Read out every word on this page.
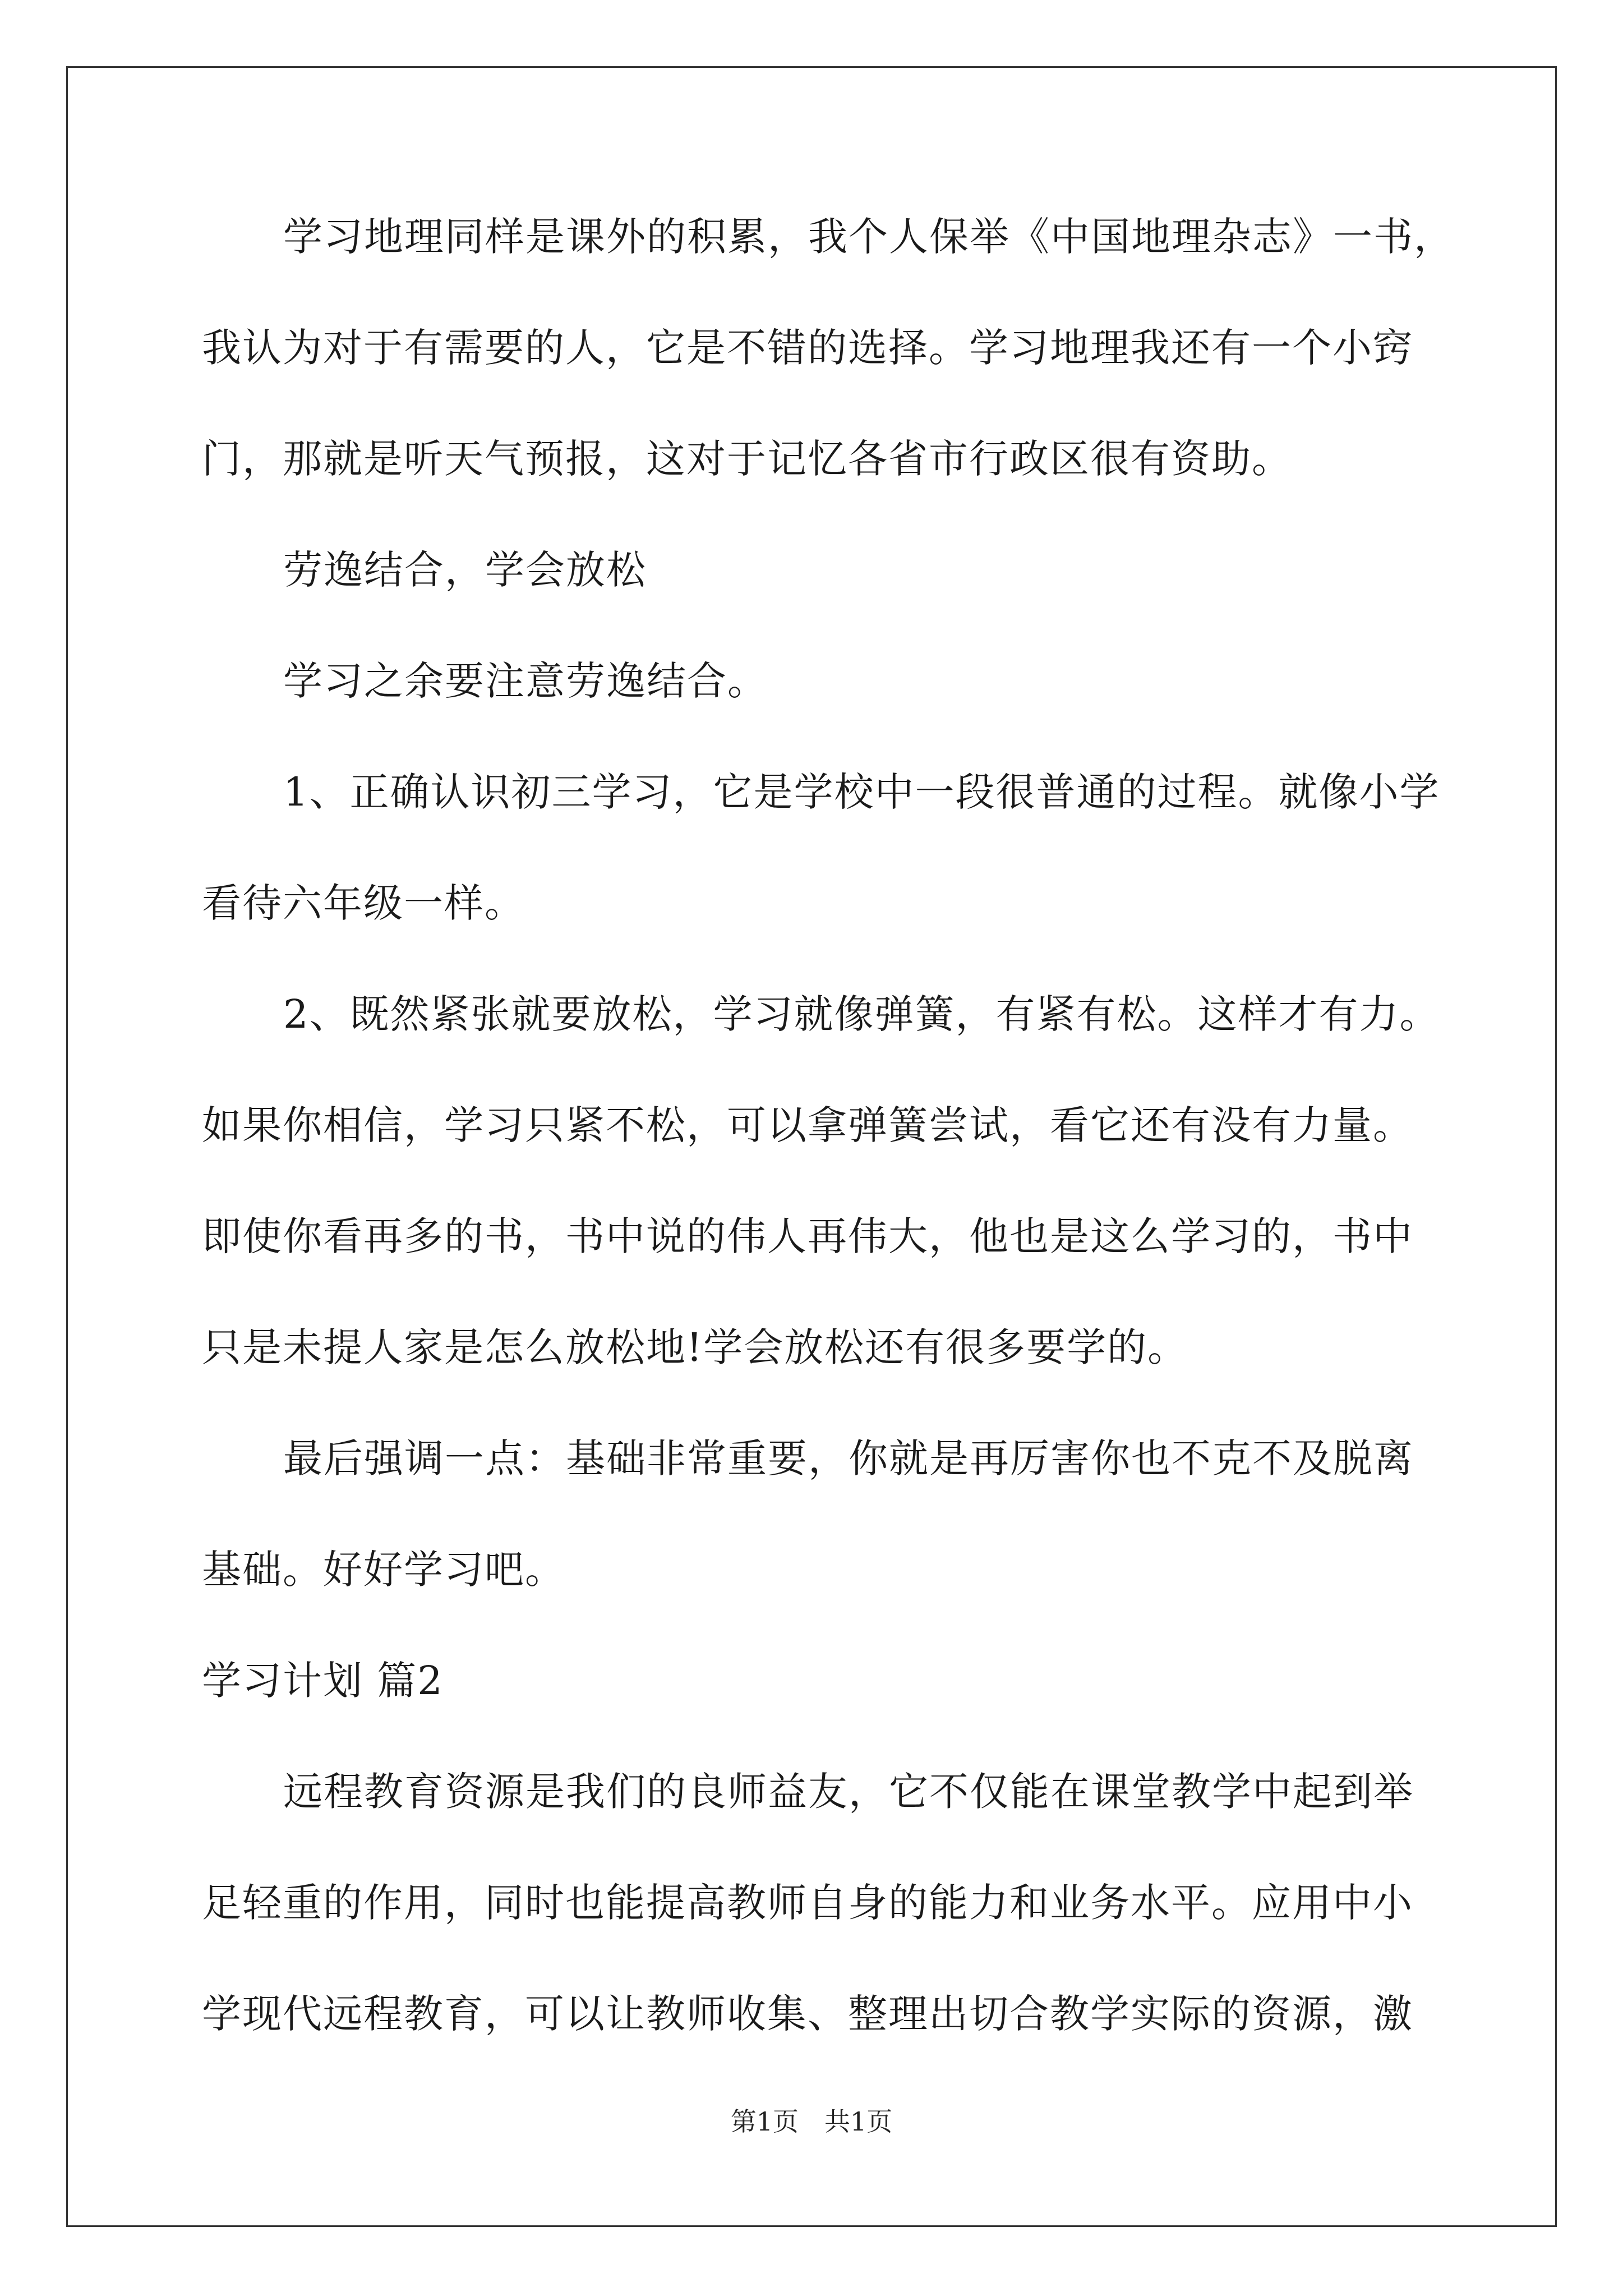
学习地理同样是课外的积累，我个人保举《中国地理杂志》一书，
我认为对于有需要的人，它是不错的选择。学习地理我还有一个小窍
门，那就是听天气预报，这对于记忆各省市行政区很有资助。
劳逸结合，学会放松
学习之余要注意劳逸结合。
1、正确认识初三学习，它是学校中一段很普通的过程。就像小学
看待六年级一样。
2、既然紧张就要放松，学习就像弹簧，有紧有松。这样才有力。
如果你相信，学习只紧不松，可以拿弹簧尝试，看它还有没有力量。
即使你看再多的书，书中说的伟人再伟大，他也是这么学习的，书中
只是未提人家是怎么放松地!学会放松还有很多要学的。
最后强调一点：基础非常重要，你就是再厉害你也不克不及脱离
基础。好好学习吧。
学习计划 篇2
远程教育资源是我们的良师益友，它不仅能在课堂教学中起到举
足轻重的作用，同时也能提高教师自身的能力和业务水平。应用中小
学现代远程教育，可以让教师收集、整理出切合教学实际的资源，激
第1页　共1页
